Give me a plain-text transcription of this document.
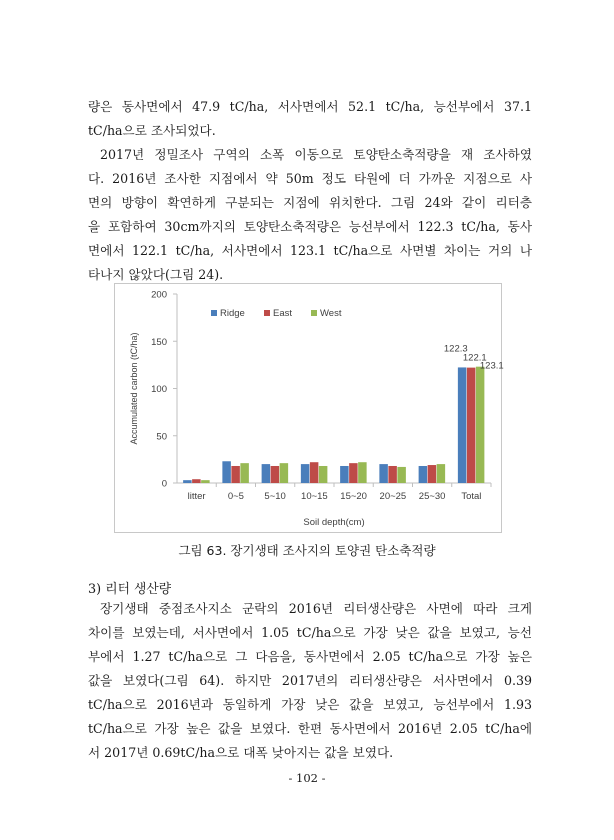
량은 동사면에서 47.9 tC/ha, 서사면에서 52.1 tC/ha, 능선부에서 37.1
tC/ha으로 조사되었다.
2017년 정밀조사 구역의 소폭 이동으로 토양탄소축적량을 재 조사하였
다. 2016년 조사한 지점에서 약 50m 정도 타원에 더 가까운 지점으로 사
면의 방향이 확연하게 구분되는 지점에 위치한다. 그림 24와 같이 리터층
을 포함하여 30cm까지의 토양탄소축적량은 능선부에서 122.3 tC/ha, 동사
면에서 122.1 tC/ha, 서사면에서 123.1 tC/ha으로 사면별 차이는 거의 나
타나지 않았다(그림 24).
0
50
100
150
200
Accumulated carbon (tC/ha)
Soil depth(cm)
litter 0~5 5~10 10~15 15~20 20~25 25~30 Total
122.3
122.1
123.1
Ridge	East	West
그림 63. 장기생태 조사지의 토양권 탄소축적량
3) 리터 생산량
장기생태 중점조사지소 군락의 2016년 리터생산량은 사면에 따라 크게
차이를 보였는데, 서사면에서 1.05 tC/ha으로 가장 낮은 값을 보였고, 능선
부에서 1.27 tC/ha으로 그 다음을, 동사면에서 2.05 tC/ha으로 가장 높은
값을 보였다(그림 64). 하지만 2017년의 리터생산량은 서사면에서 0.39
tC/ha으로 2016년과 동일하게 가장 낮은 값을 보였고, 능선부에서 1.93
tC/ha으로 가장 높은 값을 보였다. 한편 동사면에서 2016년 2.05 tC/ha에
서 2017년 0.69tC/ha으로 대폭 낮아지는 값을 보였다.
- 102 -
